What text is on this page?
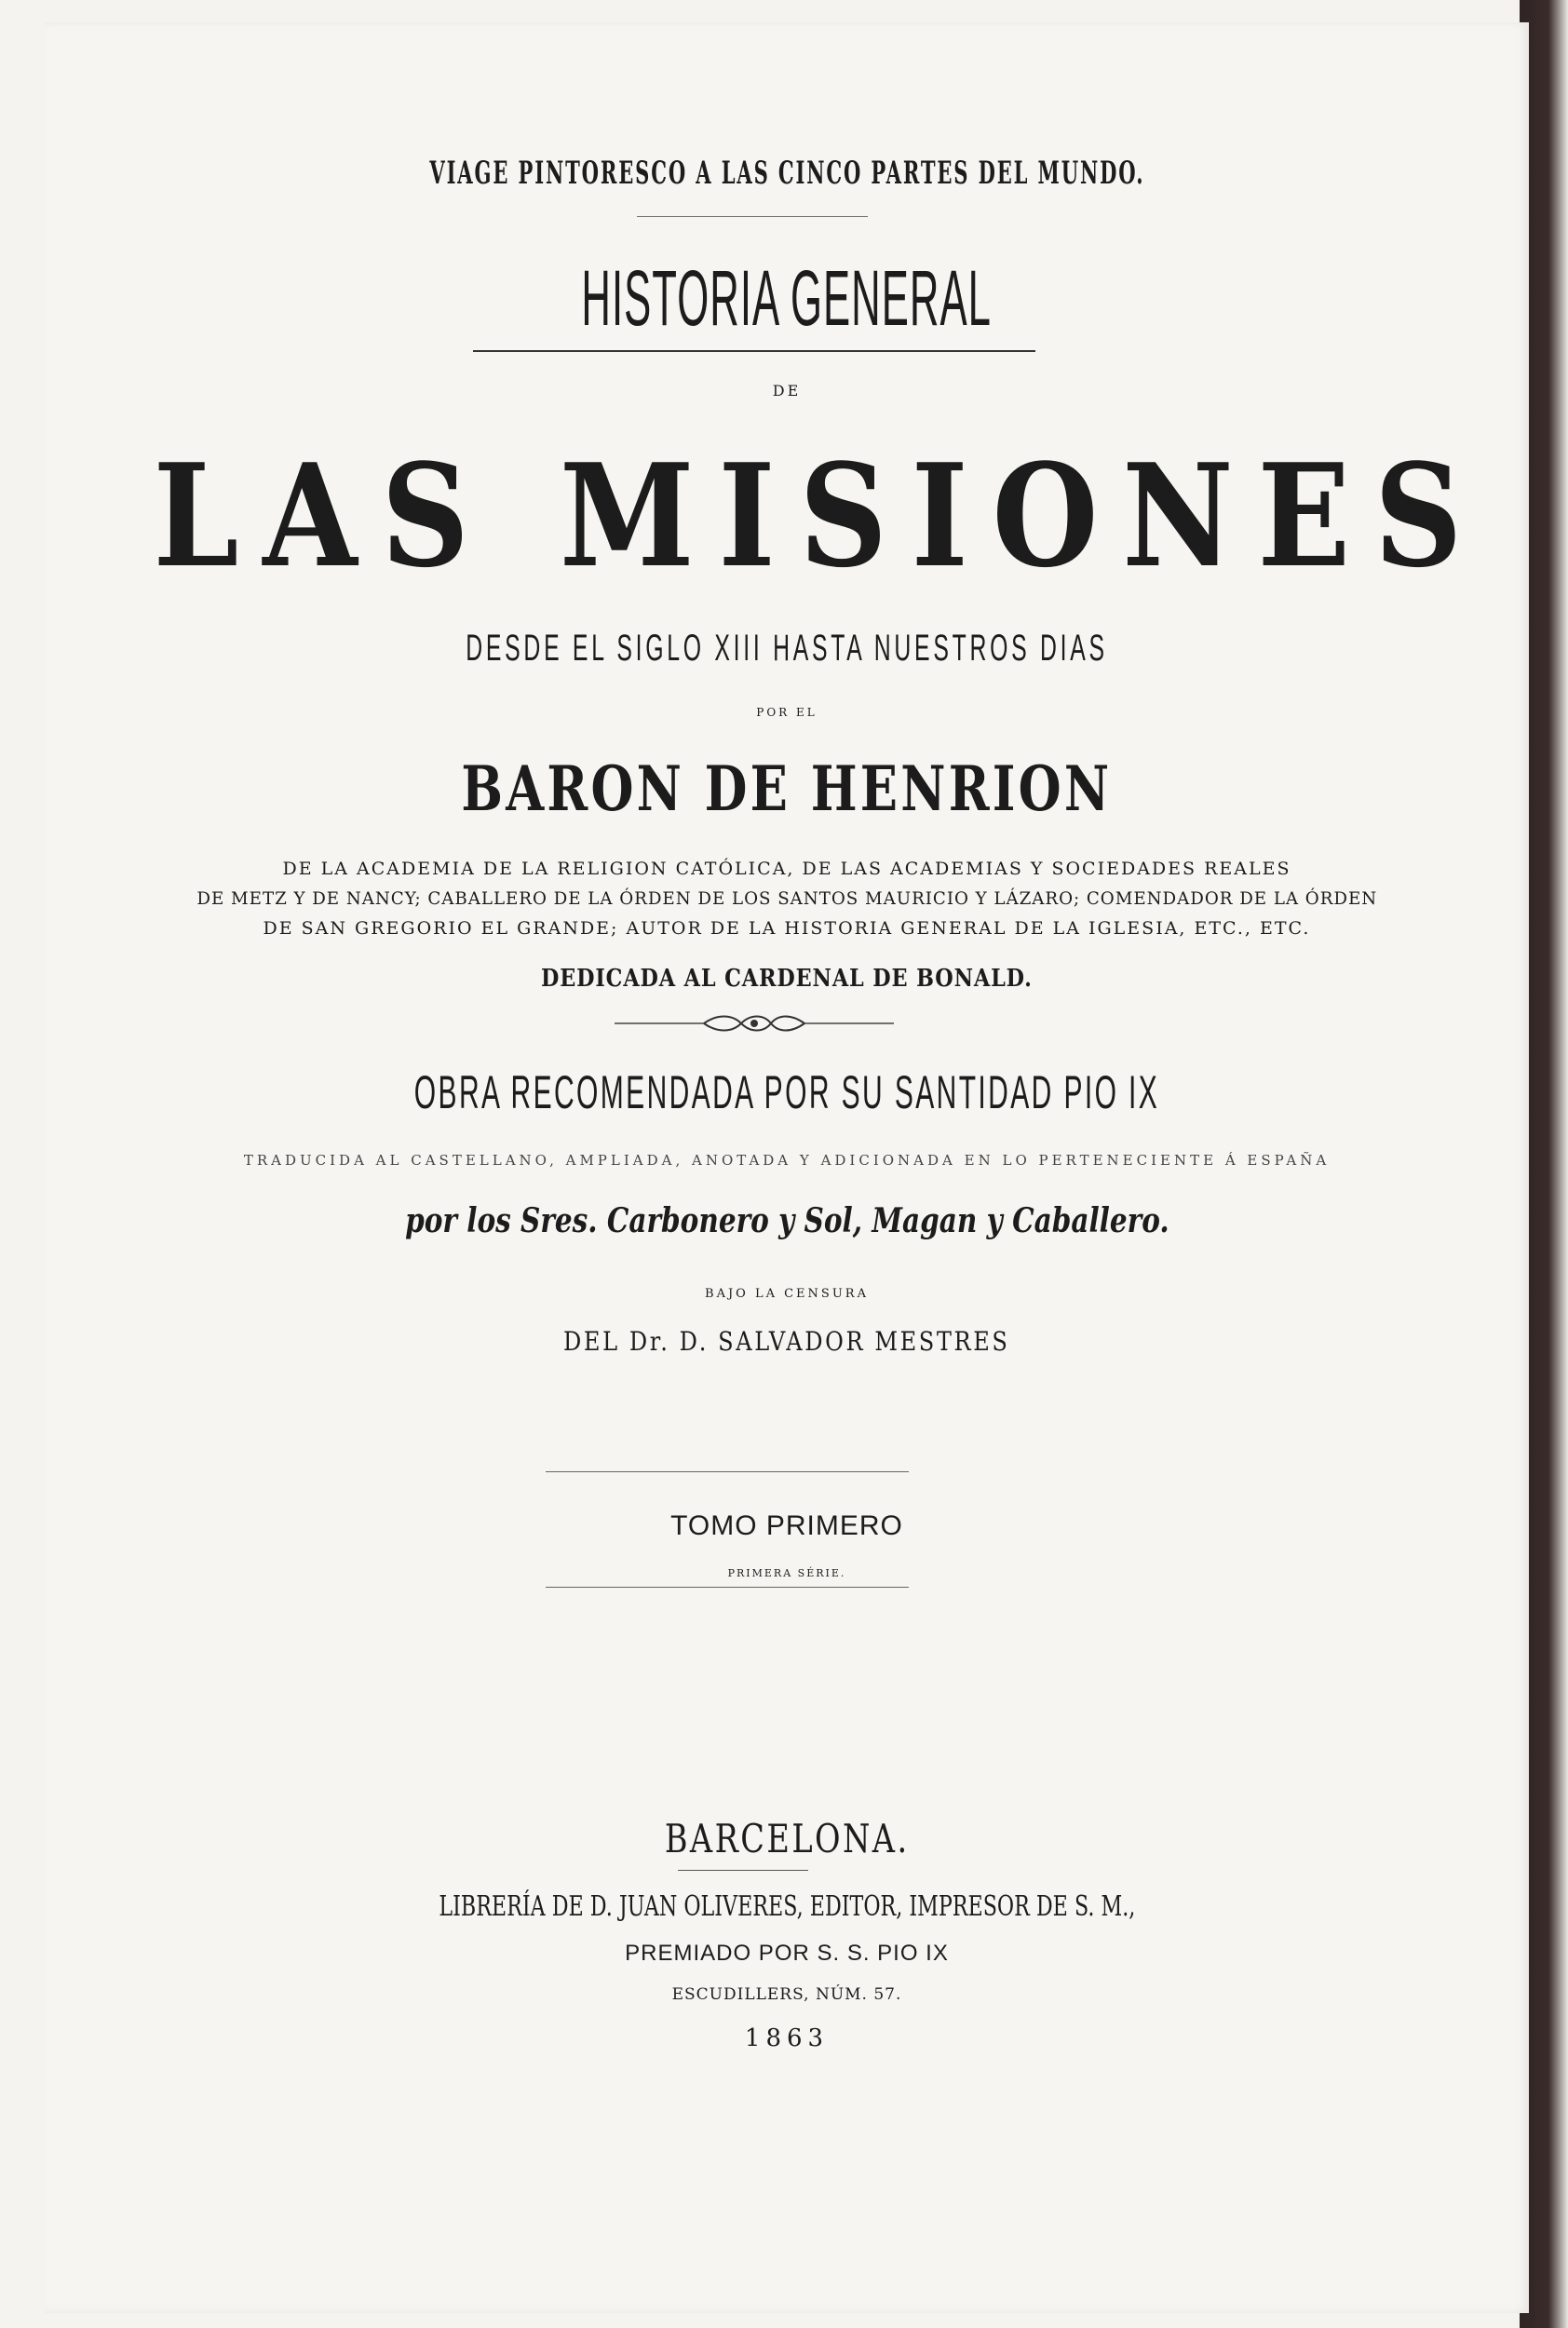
VIAGE PINTORESCO A LAS CINCO PARTES DEL MUNDO.
HISTORIA GENERAL
DE
LAS MISIONES
DESDE EL SIGLO XIII HASTA NUESTROS DIAS
POR EL
BARON DE HENRION
DE LA ACADEMIA DE LA RELIGION CATÓLICA, DE LAS ACADEMIAS Y SOCIEDADES REALES
DE METZ Y DE NANCY; CABALLERO DE LA ÓRDEN DE LOS SANTOS MAURICIO Y LÁZARO; COMENDADOR DE LA ÓRDEN
DE SAN GREGORIO EL GRANDE; AUTOR DE LA HISTORIA GENERAL DE LA IGLESIA, ETC., ETC.
DEDICADA AL CARDENAL DE BONALD.
OBRA RECOMENDADA POR SU SANTIDAD PIO IX
TRADUCIDA AL CASTELLANO, AMPLIADA, ANOTADA Y ADICIONADA EN LO PERTENECIENTE Á ESPAÑA
por los Sres. Carbonero y Sol, Magan y Caballero.
BAJO LA CENSURA
DEL Dr. D. SALVADOR MESTRES
TOMO PRIMERO
PRIMERA SÉRIE.
BARCELONA.
LIBRERÍA DE D. JUAN OLIVERES, EDITOR, IMPRESOR DE S. M.,
PREMIADO POR S. S. PIO IX
ESCUDILLERS, NÚM. 57.
1863
